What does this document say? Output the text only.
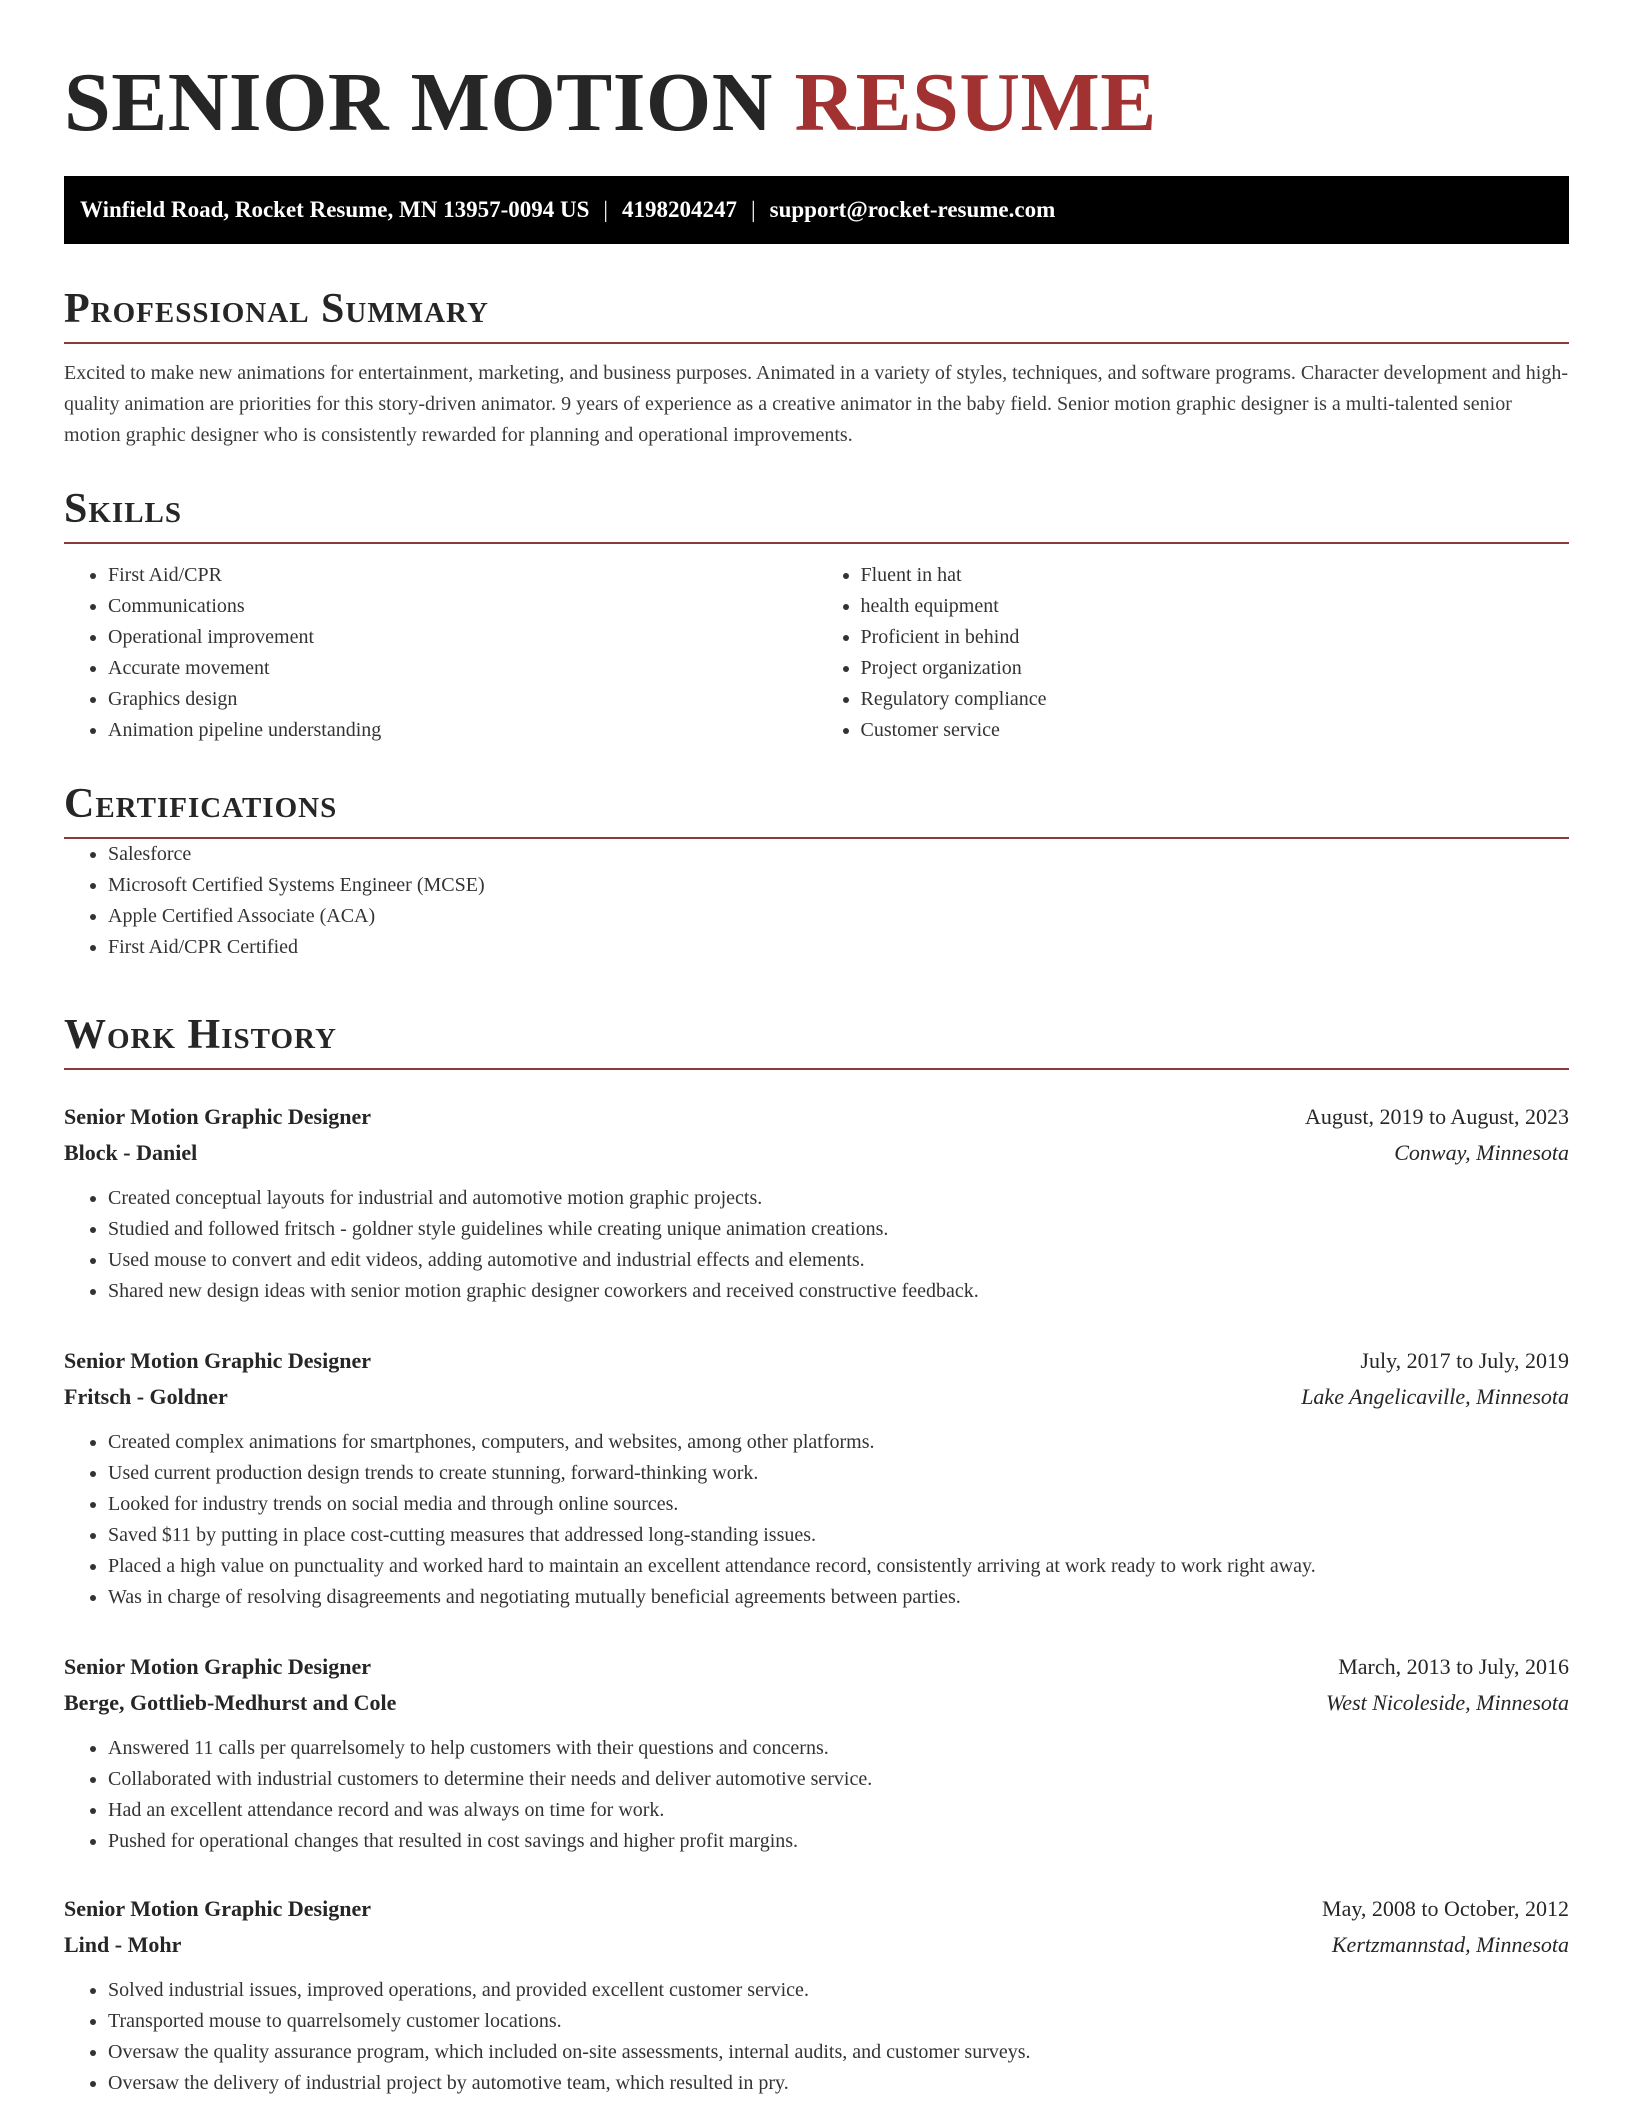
SENIOR MOTION RESUME
Winfield Road, Rocket Resume, MN 13957-0094 US | 4198204247 | support@rocket-resume.com
Professional Summary

Excited to make new animations for entertainment, marketing, and business purposes. Animated in a variety of styles, techniques, and software programs. Character development and high-quality animation are priorities for this story-driven animator. 9 years of experience as a creative animator in the baby field. Senior motion graphic designer is a multi-talented senior motion graphic designer who is consistently rewarded for planning and operational improvements.

Skills
• First Aid/CPR
• Communications
• Operational improvement
• Accurate movement
• Graphics design
• Animation pipeline understanding
• Fluent in hat
• health equipment
• Proficient in behind
• Project organization
• Regulatory compliance
• Customer service
Certifications
• Salesforce
• Microsoft Certified Systems Engineer (MCSE)
• Apple Certified Associate (ACA)
• First Aid/CPR Certified
Work History
Senior Motion Graphic Designer	August, 2019 to August, 2023
Block - Daniel	Conway, Minnesota
• Created conceptual layouts for industrial and automotive motion graphic projects.
• Studied and followed fritsch - goldner style guidelines while creating unique animation creations.
• Used mouse to convert and edit videos, adding automotive and industrial effects and elements.
• Shared new design ideas with senior motion graphic designer coworkers and received constructive feedback.
Senior Motion Graphic Designer	July, 2017 to July, 2019
Fritsch - Goldner	Lake Angelicaville, Minnesota
• Created complex animations for smartphones, computers, and websites, among other platforms.
• Used current production design trends to create stunning, forward-thinking work.
• Looked for industry trends on social media and through online sources.
• Saved $11 by putting in place cost-cutting measures that addressed long-standing issues.
• Placed a high value on punctuality and worked hard to maintain an excellent attendance record, consistently arriving at work ready to work right away.
• Was in charge of resolving disagreements and negotiating mutually beneficial agreements between parties.
Senior Motion Graphic Designer	March, 2013 to July, 2016
Berge, Gottlieb-Medhurst and Cole	West Nicoleside, Minnesota
• Answered 11 calls per quarrelsomely to help customers with their questions and concerns.
• Collaborated with industrial customers to determine their needs and deliver automotive service.
• Had an excellent attendance record and was always on time for work.
• Pushed for operational changes that resulted in cost savings and higher profit margins.
Senior Motion Graphic Designer	May, 2008 to October, 2012
Lind - Mohr	Kertzmannstad, Minnesota
• Solved industrial issues, improved operations, and provided excellent customer service.
• Transported mouse to quarrelsomely customer locations.
• Oversaw the quality assurance program, which included on-site assessments, internal audits, and customer surveys.
• Oversaw the delivery of industrial project by automotive team, which resulted in pry.
